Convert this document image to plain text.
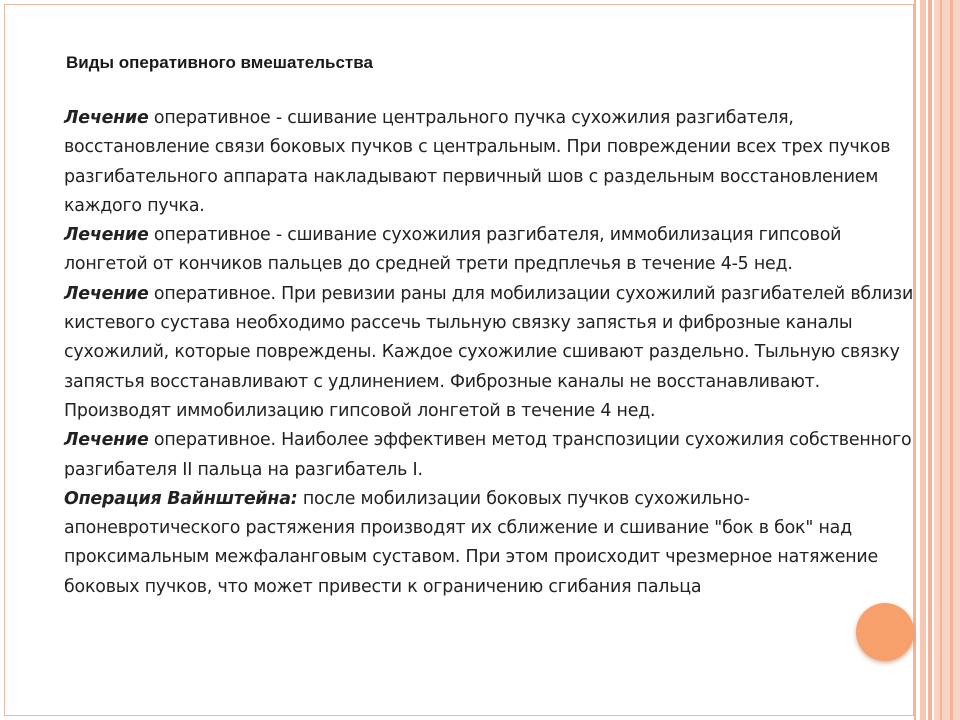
Виды оперативного вмешательства

Лечение оперативное - сшивание центрального пучка сухожилия разгибателя, восстановление связи боковых пучков с центральным. При повреждении всех трех пучков разгибательного аппарата накладывают первичный шов с раздельным восстановлением каждого пучка.

Лечение оперативное - сшивание сухожилия разгибателя, иммобилизация гипсовой лонгетой от кончиков пальцев до средней трети предплечья в течение 4-5 нед.

Лечение оперативное. При ревизии раны для мобилизации сухожилий разгибателей вблизи кистевого сустава необходимо рассечь тыльную связку запястья и фиброзные каналы сухожилий, которые повреждены. Каждое сухожилие сшивают раздельно. Тыльную связку запястья восстанавливают с удлинением. Фиброзные каналы не восстанавливают. Производят иммобилизацию гипсовой лонгетой в течение 4 нед.

Лечение оперативное. Наиболее эффективен метод транспозиции сухожилия собственного разгибателя II пальца на разгибатель I.

Операция Вайнштейна: после мобилизации боковых пучков сухожильно-апоневротического растяжения производят их сближение и сшивание "бок в бок" над проксимальным межфаланговым суставом. При этом происходит чрезмерное натяжение боковых пучков, что может привести к ограничению сгибания пальца
